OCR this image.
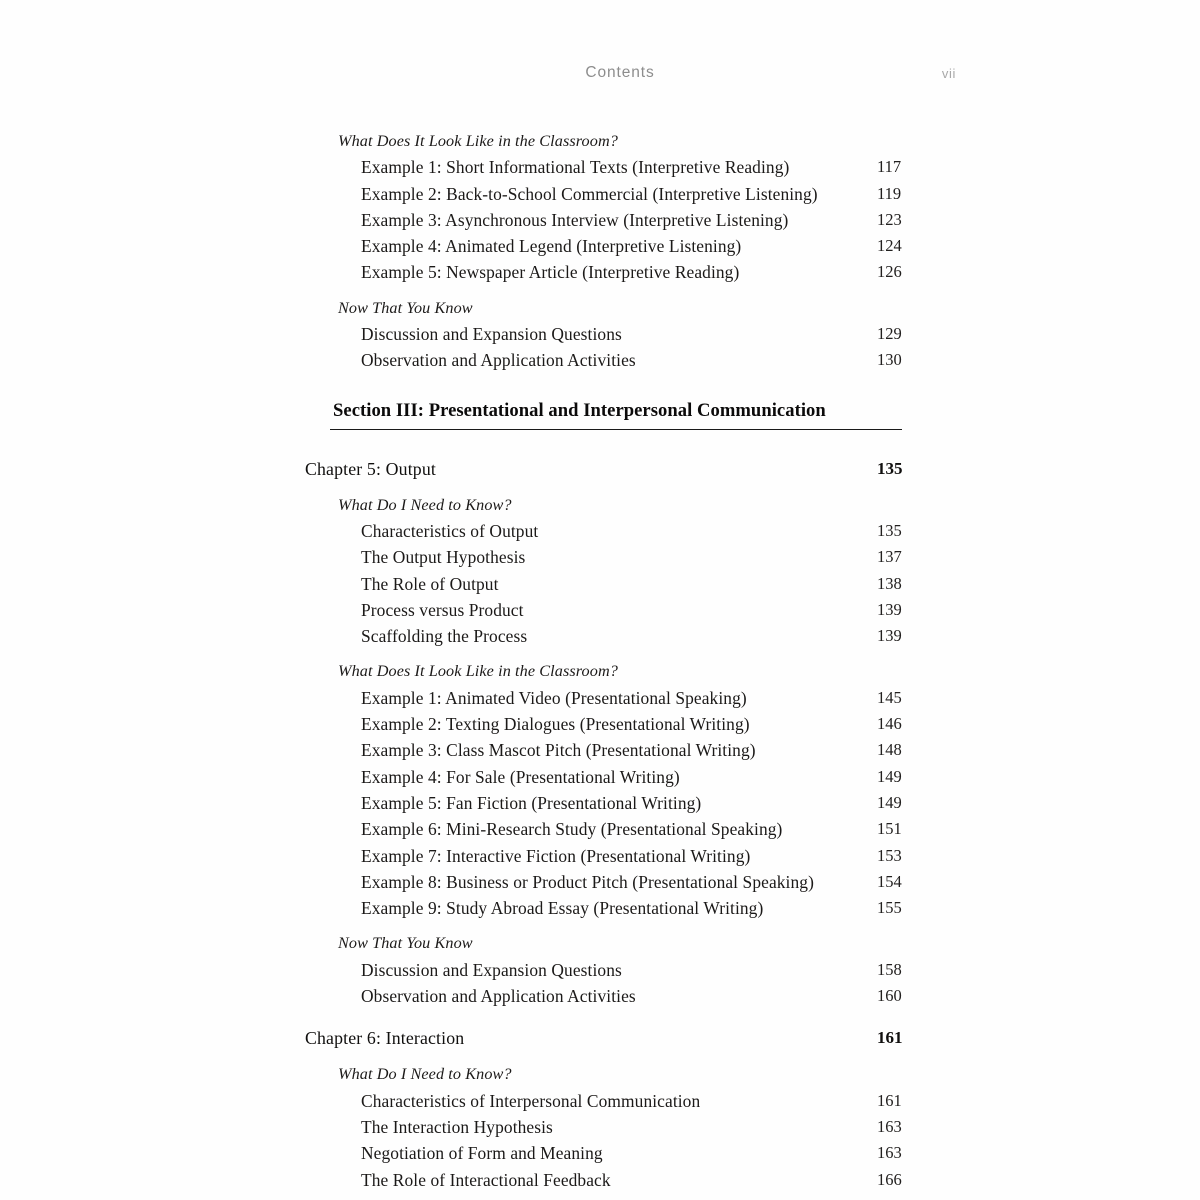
Contents	vii
What Does It Look Like in the Classroom?
Example 1: Short Informational Texts (Interpretive Reading)	117
Example 2: Back-to-School Commercial (Interpretive Listening)	119
Example 3: Asynchronous Interview (Interpretive Listening)	123
Example 4: Animated Legend (Interpretive Listening)	124
Example 5: Newspaper Article (Interpretive Reading)	126
Now That You Know
Discussion and Expansion Questions	129
Observation and Application Activities	130
Section III: Presentational and Interpersonal Communication
Chapter 5: Output	135
What Do I Need to Know?
Characteristics of Output	135
The Output Hypothesis	137
The Role of Output	138
Process versus Product	139
Scaffolding the Process	139
What Does It Look Like in the Classroom?
Example 1: Animated Video (Presentational Speaking)	145
Example 2: Texting Dialogues (Presentational Writing)	146
Example 3: Class Mascot Pitch (Presentational Writing)	148
Example 4: For Sale (Presentational Writing)	149
Example 5: Fan Fiction (Presentational Writing)	149
Example 6: Mini-Research Study (Presentational Speaking)	151
Example 7: Interactive Fiction (Presentational Writing)	153
Example 8: Business or Product Pitch (Presentational Speaking)	154
Example 9: Study Abroad Essay (Presentational Writing)	155
Now That You Know
Discussion and Expansion Questions	158
Observation and Application Activities	160
Chapter 6: Interaction	161
What Do I Need to Know?
Characteristics of Interpersonal Communication	161
The Interaction Hypothesis	163
Negotiation of Form and Meaning	163
The Role of Interactional Feedback	166
